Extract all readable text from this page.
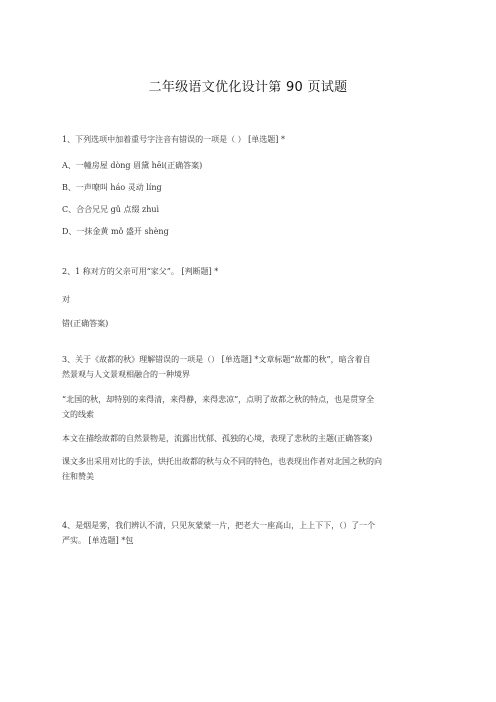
二年级语文优化设计第 90 页试题
1、下列选项中加着重号字注音有错误的一项是（ ） [单选题] *
A、一幢房屋 dòng 眉黛 hēi(正确答案)
B、一声嘹叫 háo 灵动 líng
C、合合兄兄 gǔ 点缀 zhuì
D、一抹金黄 mǒ 盛开 shèng
2、1 称对方的父亲可用“家父”。 [判断题] *
对
错(正确答案)
3、关于《故都的秋》理解错误的一项是（） [单选题] *文章标题“故都的秋”，暗含着自
然景观与人文景观相融合的一种境界
“北国的秋，却特别的来得清，来得静，来得悲凉”，点明了故都之秋的特点，也是贯穿全
文的线索
本文在描绘故都的自然景物是，流露出忧郁、孤独的心境，表现了悲秋的主题(正确答案)
课文多出采用对比的手法，烘托出故都的秋与众不同的特色，也表现出作者对北国之秋的向
往和赞美
4、是烟是雾，我们辨认不清，只见灰蒙蒙一片，把老大一座高山，上上下下，（）了一个
严实。 [单选题] *包
